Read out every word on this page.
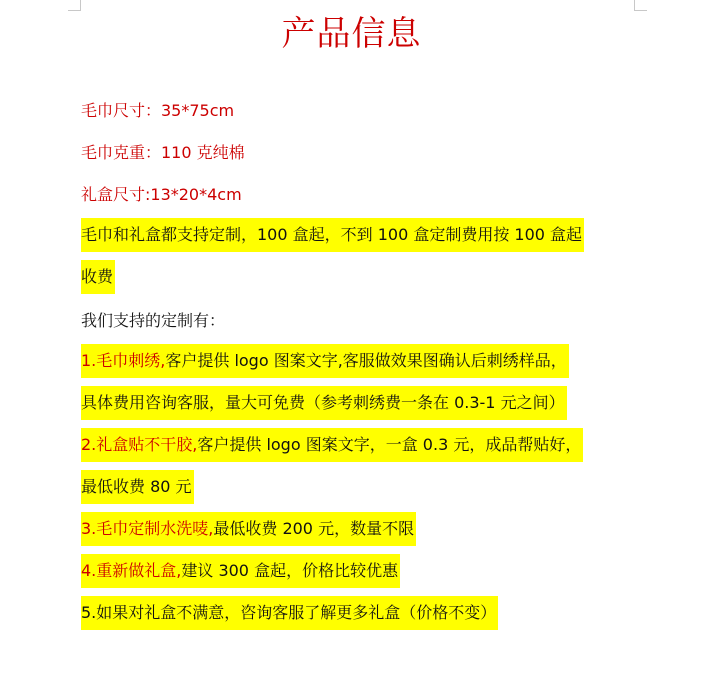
产品信息
毛巾尺寸：35*75cm
毛巾克重：110 克纯棉
礼盒尺寸:13*20*4cm
毛巾和礼盒都支持定制，100 盒起，不到 100 盒定制费用按 100 盒起
收费
我们支持的定制有：
1.毛巾刺绣,客户提供 logo 图案文字,客服做效果图确认后刺绣样品，
具体费用咨询客服，量大可免费（参考刺绣费一条在 0.3-1 元之间）
2.礼盒贴不干胶,客户提供 logo 图案文字，一盒 0.3 元，成品帮贴好，
最低收费 80 元
3.毛巾定制水洗唛,最低收费 200 元，数量不限
4.重新做礼盒,建议 300 盒起，价格比较优惠
5.如果对礼盒不满意，咨询客服了解更多礼盒（价格不变）
